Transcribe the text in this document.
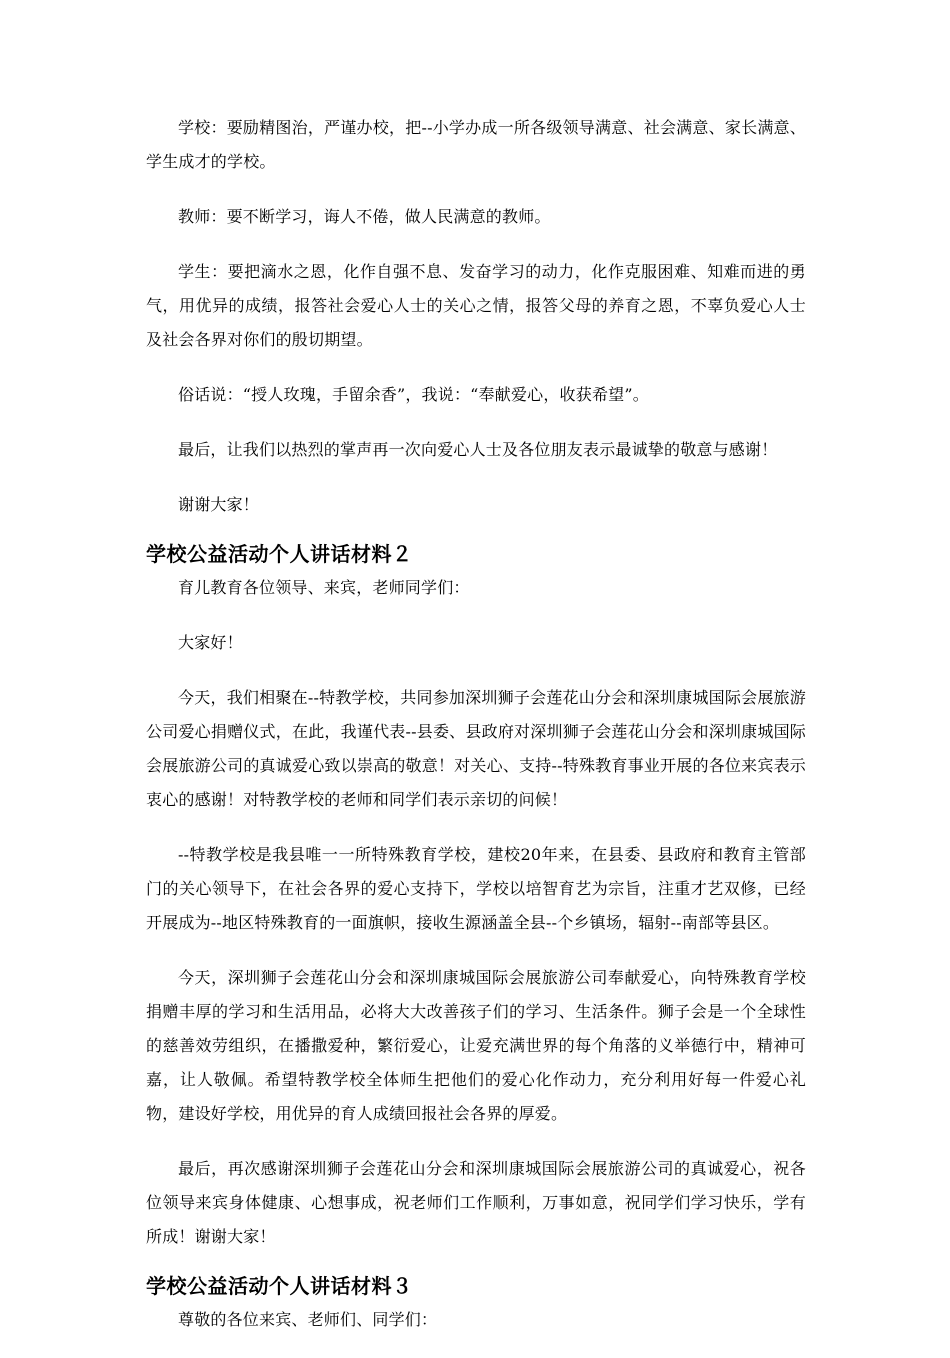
学校：要励精图治，严谨办校，把--小学办成一所各级领导满意、社会满意、家长满意、学生成才的学校。

教师：要不断学习，诲人不倦，做人民满意的教师。

学生：要把滴水之恩，化作自强不息、发奋学习的动力，化作克服困难、知难而进的勇气，用优异的成绩，报答社会爱心人士的关心之情，报答父母的养育之恩，不辜负爱心人士及社会各界对你们的殷切期望。

俗话说：“授人玫瑰，手留余香”，我说：“奉献爱心，收获希望”。

最后，让我们以热烈的掌声再一次向爱心人士及各位朋友表示最诚挚的敬意与感谢！

谢谢大家！

学校公益活动个人讲话材料２

育儿教育各位领导、来宾，老师同学们：

大家好！

今天，我们相聚在--特教学校，共同参加深圳狮子会莲花山分会和深圳康城国际会展旅游公司爱心捐赠仪式，在此，我谨代表--县委、县政府对深圳狮子会莲花山分会和深圳康城国际会展旅游公司的真诚爱心致以崇高的敬意！对关心、支持--特殊教育事业开展的各位来宾表示衷心的感谢！对特教学校的老师和同学们表示亲切的问候！

--特教学校是我县唯一一所特殊教育学校，建校20年来，在县委、县政府和教育主管部门的关心领导下，在社会各界的爱心支持下，学校以培智育艺为宗旨，注重才艺双修，已经开展成为--地区特殊教育的一面旗帜，接收生源涵盖全县--个乡镇场，辐射--南部等县区。

今天，深圳狮子会莲花山分会和深圳康城国际会展旅游公司奉献爱心，向特殊教育学校捐赠丰厚的学习和生活用品，必将大大改善孩子们的学习、生活条件。狮子会是一个全球性的慈善效劳组织，在播撒爱种，繁衍爱心，让爱充满世界的每个角落的义举德行中，精神可嘉，让人敬佩。希望特教学校全体师生把他们的爱心化作动力，充分利用好每一件爱心礼物，建设好学校，用优异的育人成绩回报社会各界的厚爱。

最后，再次感谢深圳狮子会莲花山分会和深圳康城国际会展旅游公司的真诚爱心，祝各位领导来宾身体健康、心想事成，祝老师们工作顺利，万事如意，祝同学们学习快乐，学有所成！谢谢大家！

学校公益活动个人讲话材料３

尊敬的各位来宾、老师们、同学们：
